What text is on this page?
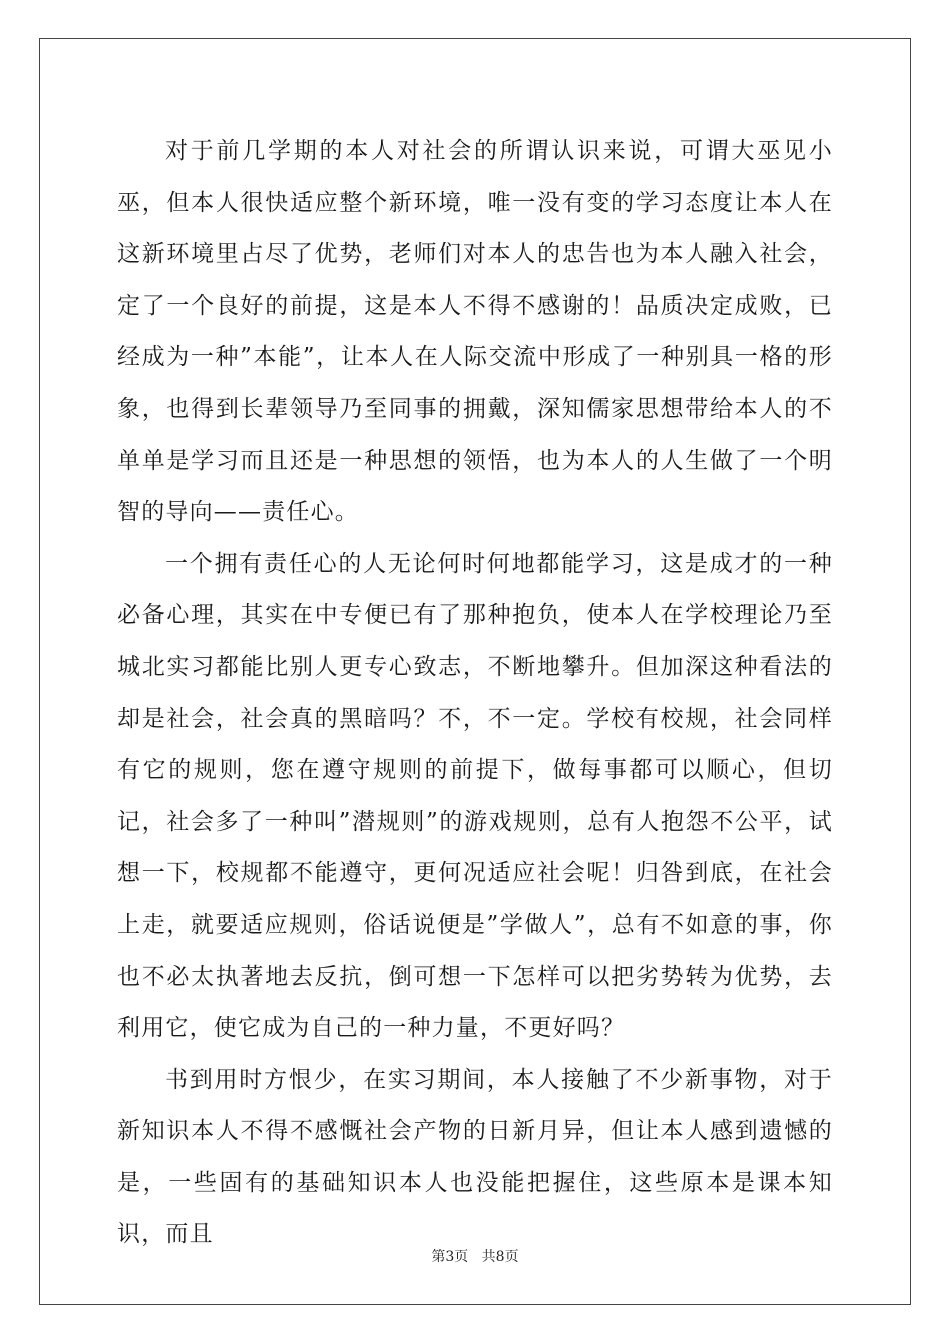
对于前几学期的本人对社会的所谓认识来说，可谓大巫见小巫，但本人很快适应整个新环境，唯一没有变的学习态度让本人在这新环境里占尽了优势，老师们对本人的忠告也为本人融入社会，定了一个良好的前提，这是本人不得不感谢的！品质决定成败，已经成为一种”本能”，让本人在人际交流中形成了一种别具一格的形象，也得到长辈领导乃至同事的拥戴，深知儒家思想带给本人的不单单是学习而且还是一种思想的领悟，也为本人的人生做了一个明智的导向——责任心。

一个拥有责任心的人无论何时何地都能学习，这是成才的一种必备心理，其实在中专便已有了那种抱负，使本人在学校理论乃至城北实习都能比别人更专心致志，不断地攀升。但加深这种看法的却是社会，社会真的黑暗吗？不，不一定。学校有校规，社会同样有它的规则，您在遵守规则的前提下，做每事都可以顺心，但切记，社会多了一种叫”潜规则”的游戏规则，总有人抱怨不公平，试想一下，校规都不能遵守，更何况适应社会呢！归咎到底，在社会上走，就要适应规则，俗话说便是”学做人”，总有不如意的事，你也不必太执著地去反抗，倒可想一下怎样可以把劣势转为优势，去利用它，使它成为自己的一种力量，不更好吗？

书到用时方恨少，在实习期间，本人接触了不少新事物，对于新知识本人不得不感慨社会产物的日新月异，但让本人感到遗憾的是，一些固有的基础知识本人也没能把握住，这些原本是课本知识，而且

第3页 共8页
